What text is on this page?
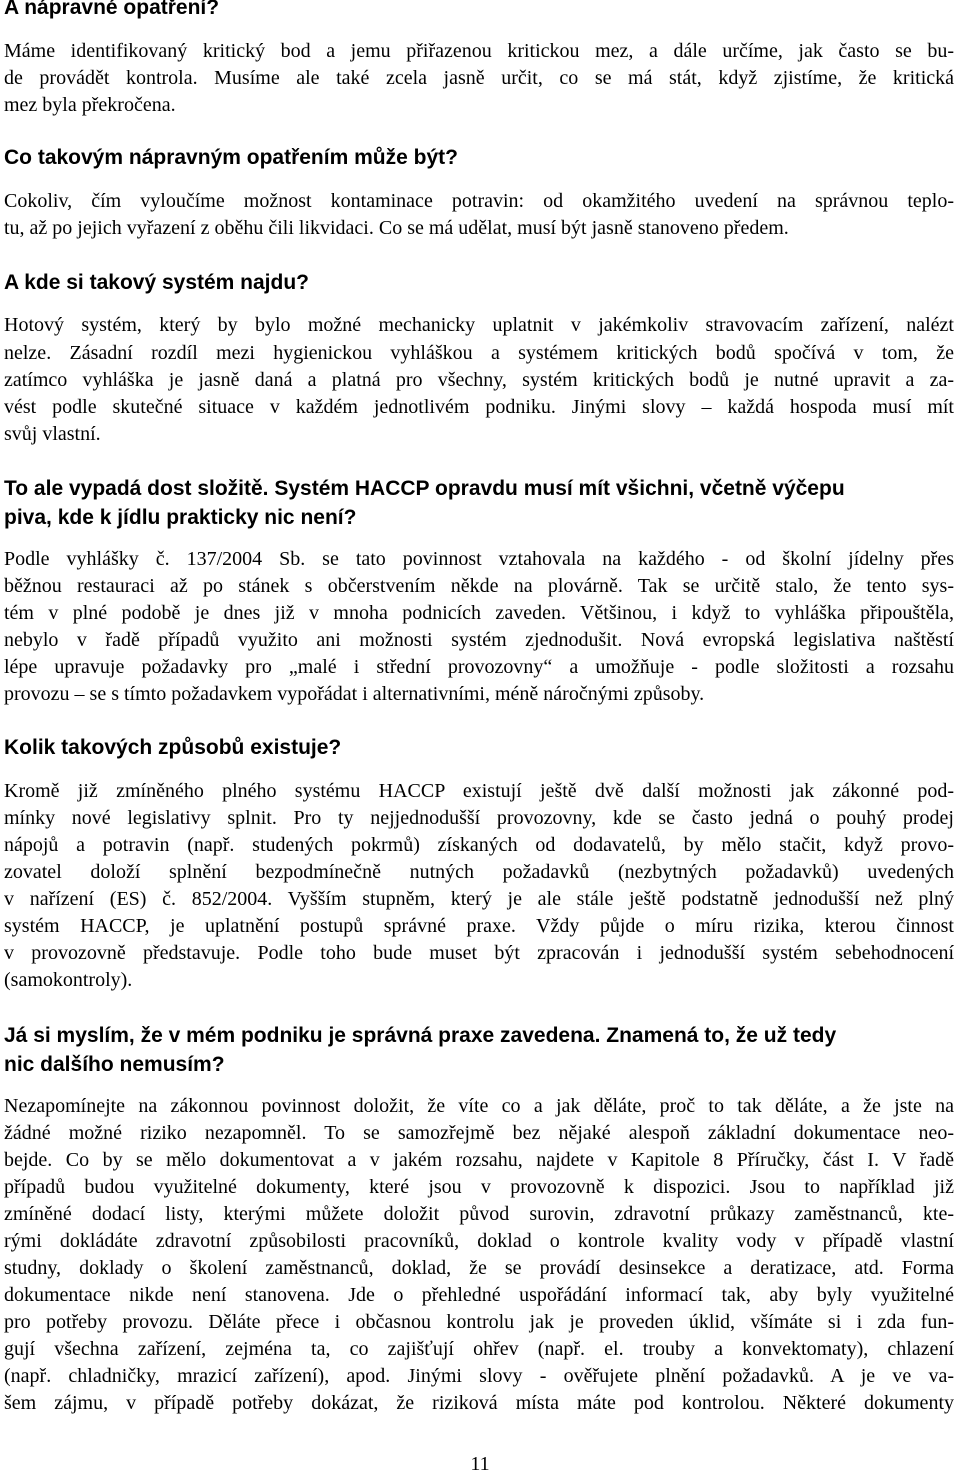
A nápravné opatření?

Máme identifikovaný kritický bod a jemu přiřazenou kritickou mez, a dále určíme, jak často se bu-

de provádět kontrola. Musíme ale také zcela jasně určit, co se má stát, když zjistíme, že kritická

mez byla překročena.

Co takovým nápravným opatřením může být?

Cokoliv, čím vyloučíme možnost kontaminace potravin: od okamžitého uvedení na správnou teplo-

tu, až po jejich vyřazení z oběhu čili likvidaci. Co se má udělat, musí být jasně stanoveno předem.

A kde si takový systém najdu?

Hotový systém, který by bylo možné mechanicky uplatnit v jakémkoliv stravovacím zařízení, nalézt

nelze. Zásadní rozdíl mezi hygienickou vyhláškou a systémem kritických bodů spočívá v tom, že

zatímco vyhláška je jasně daná a platná pro všechny, systém kritických bodů je nutné upravit a za-

vést podle skutečné situace v každém jednotlivém podniku. Jinými slovy – každá hospoda musí mít

svůj vlastní.

To ale vypadá dost složitě. Systém HACCP opravdu musí mít všichni, včetně výčepu

piva, kde k jídlu prakticky nic není?

Podle vyhlášky č. 137/2004 Sb. se tato povinnost vztahovala na každého - od školní jídelny přes

běžnou restauraci až po stánek s občerstvením někde na plovárně. Tak se určitě stalo, že tento sys-

tém v plné podobě je dnes již v mnoha podnicích zaveden. Většinou, i když to vyhláška připouštěla,

nebylo v řadě případů využito ani možnosti systém zjednodušit. Nová evropská legislativa naštěstí

lépe upravuje požadavky pro „malé i střední provozovny“ a umožňuje - podle složitosti a rozsahu

provozu – se s tímto požadavkem vypořádat i alternativními, méně náročnými způsoby.

Kolik takových způsobů existuje?

Kromě již zmíněného plného systému HACCP existují ještě dvě další možnosti jak zákonné pod-

mínky nové legislativy splnit. Pro ty nejjednodušší provozovny, kde se často jedná o pouhý prodej

nápojů a potravin (např. studených pokrmů) získaných od dodavatelů, by mělo stačit, když provo-

zovatel doloží splnění bezpodmínečně nutných požadavků (nezbytných požadavků) uvedených

v nařízení (ES) č. 852/2004. Vyšším stupněm, který je ale stále ještě podstatně jednodušší než plný

systém HACCP, je uplatnění postupů správné praxe. Vždy půjde o míru rizika, kterou činnost

v provozovně představuje. Podle toho bude muset být zpracován i jednodušší systém sebehodnocení

(samokontroly).

Já si myslím, že v mém podniku je správná praxe zavedena. Znamená to, že už tedy

nic dalšího nemusím?

Nezapomínejte na zákonnou povinnost doložit, že víte co a jak děláte, proč to tak děláte, a že jste na

žádné možné riziko nezapomněl. To se samozřejmě bez nějaké alespoň základní dokumentace neo-

bejde. Co by se mělo dokumentovat a v jakém rozsahu, najdete v Kapitole 8 Příručky, část I. V řadě

případů budou využitelné dokumenty, které jsou v provozovně k dispozici. Jsou to například již

zmíněné dodací listy, kterými můžete doložit původ surovin, zdravotní průkazy zaměstnanců, kte-

rými dokládáte zdravotní způsobilosti pracovníků, doklad o kontrole kvality vody v případě vlastní

studny, doklady o školení zaměstnanců, doklad, že se provádí desinsekce a deratizace, atd. Forma

dokumentace nikde není stanovena. Jde o přehledné uspořádání informací tak, aby byly využitelné

pro potřeby provozu. Děláte přece i občasnou kontrolu jak je proveden úklid, všímáte si i zda fun-

gují všechna zařízení, zejména ta, co zajišťují ohřev (např. el. trouby a konvektomaty), chlazení

(např. chladničky, mrazicí zařízení), apod. Jinými slovy - ověřujete plnění požadavků. A je ve va-

šem zájmu, v případě potřeby dokázat, že riziková místa máte pod kontrolou. Některé dokumenty

11
